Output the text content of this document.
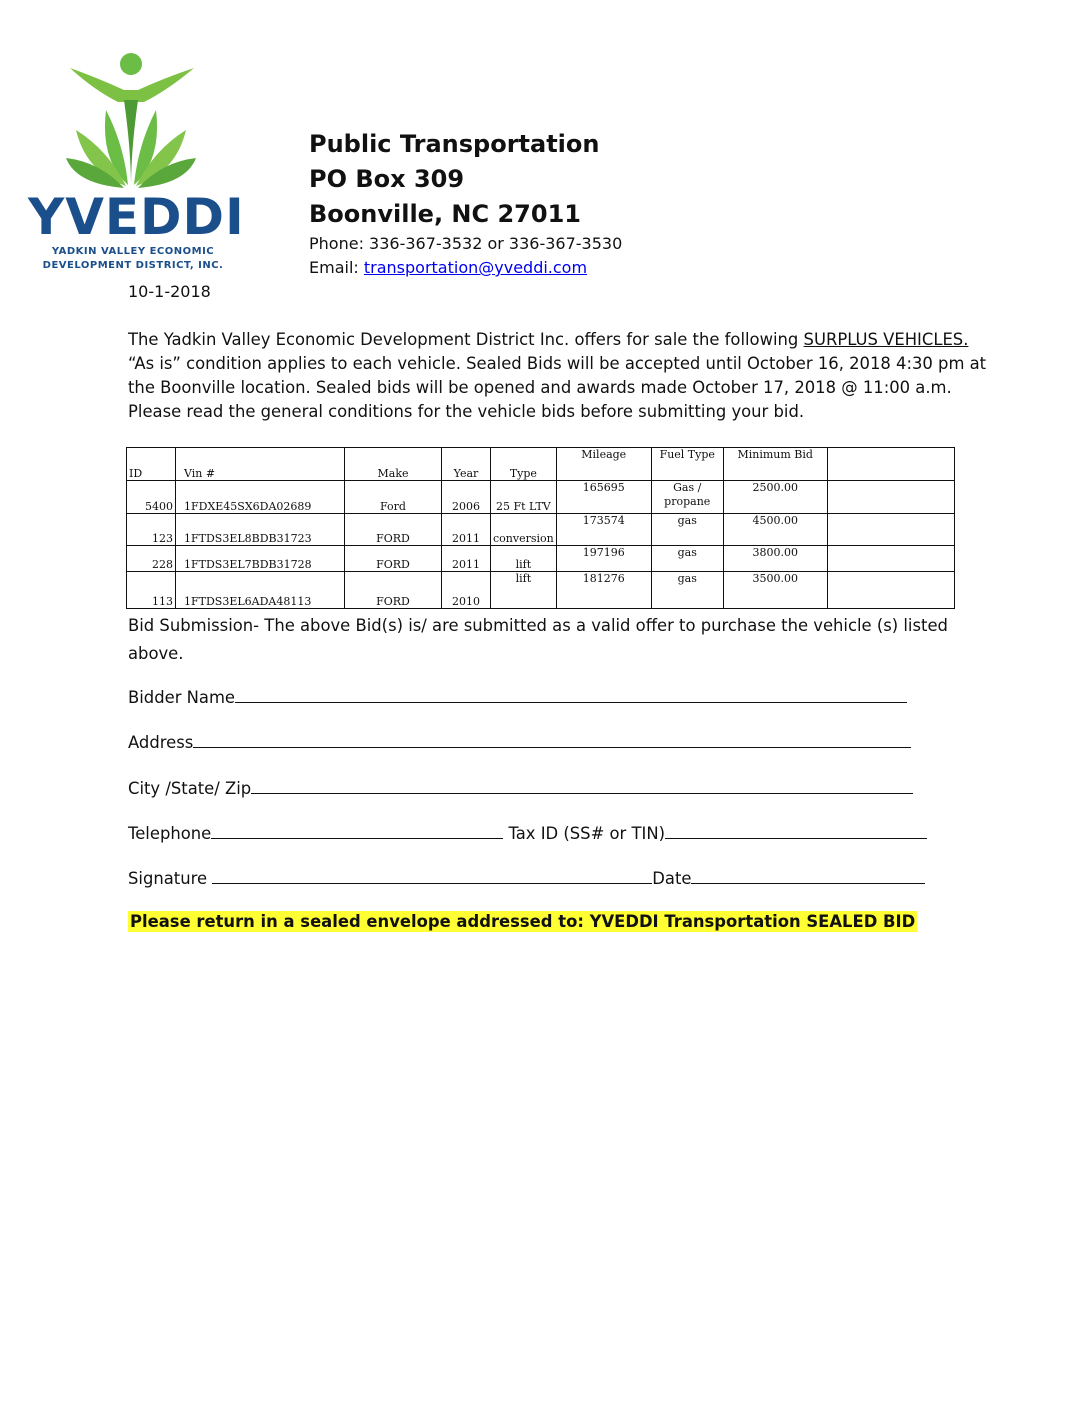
YVEDDI
YADKIN VALLEY ECONOMIC
DEVELOPMENT DISTRICT, INC.
Public Transportation
PO Box 309
Boonville, NC 27011
Phone: 336-367-3532 or 336-367-3530
Email: transportation@yveddi.com
10-1-2018
The Yadkin Valley Economic Development District Inc. offers for sale the following SURPLUS VEHICLES. “As is” condition applies to each vehicle. Sealed Bids will be accepted until October 16, 2018 4:30 pm at the Boonville location. Sealed bids will be opened and awards made October 17, 2018 @ 11:00 a.m. Please read the general conditions for the vehicle bids before submitting your bid.
ID	Vin #	Make	Year	Type	Mileage	Fuel Type	Minimum Bid	
5400	1FDXE45SX6DA02689	Ford	2006	25 Ft LTV	165695	Gas / propane	2500.00	
123	1FTDS3EL8BDB31723	FORD	2011	conversion	173574	gas	4500.00	
228	1FTDS3EL7BDB31728	FORD	2011	lift	197196	gas	3800.00	
113	1FTDS3EL6ADA48113	FORD	2010	lift	181276	gas	3500.00	
Bid Submission- The above Bid(s) is/ are submitted as a valid offer to purchase the vehicle (s) listed above.
Bidder Name
Address
City /State/ Zip
Telephone	Tax ID (SS# or TIN)
Signature	Date
Please return in a sealed envelope addressed to: YVEDDI Transportation SEALED BID
